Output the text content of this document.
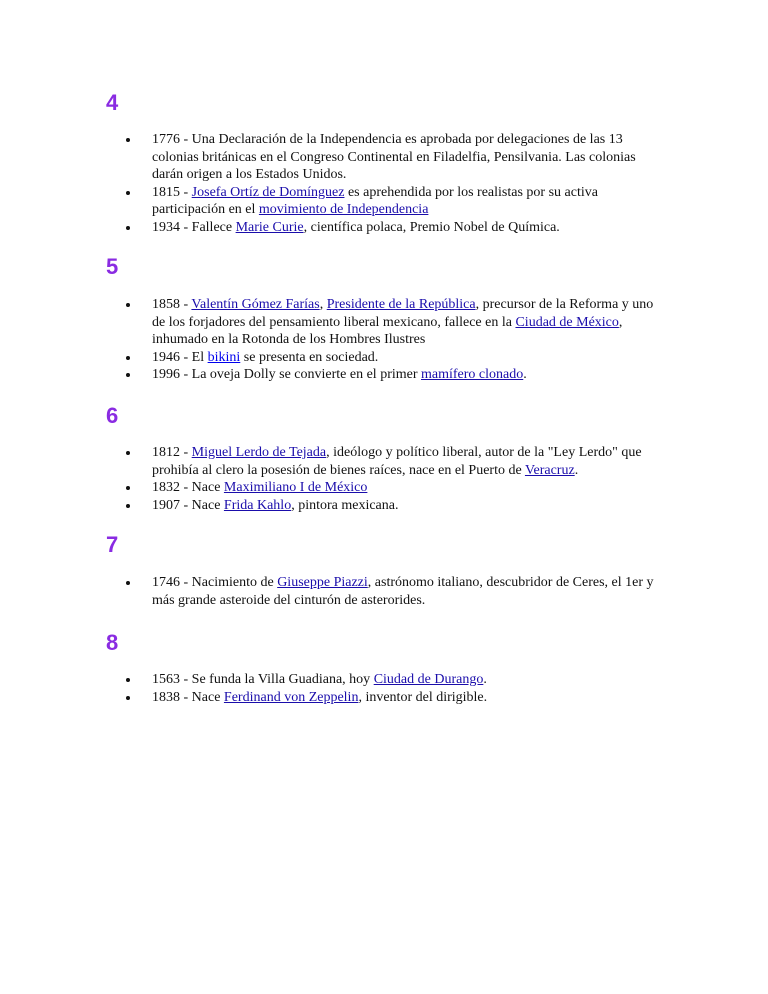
4
1776 - Una Declaración de la Independencia es aprobada por delegaciones de las 13 colonias británicas en el Congreso Continental en Filadelfia, Pensilvania. Las colonias darán origen a los Estados Unidos.
1815 - Josefa Ortíz de Domínguez es aprehendida por los realistas por su activa participación en el movimiento de Independencia
1934 - Fallece Marie Curie, científica polaca, Premio Nobel de Química.
5
1858 - Valentín Gómez Farías, Presidente de la República, precursor de la Reforma y uno de los forjadores del pensamiento liberal mexicano, fallece en la Ciudad de México, inhumado en la Rotonda de los Hombres Ilustres
1946 - El bikini se presenta en sociedad.
1996 - La oveja Dolly se convierte en el primer mamífero clonado.
6
1812 - Miguel Lerdo de Tejada, ideólogo y político liberal, autor de la "Ley Lerdo" que prohibía al clero la posesión de bienes raíces, nace en el Puerto de Veracruz.
1832 - Nace Maximiliano I de México
1907 - Nace Frida Kahlo, pintora mexicana.
7
1746 - Nacimiento de Giuseppe Piazzi, astrónomo italiano, descubridor de Ceres, el 1er y más grande asteroide del cinturón de asterorides.
8
1563 - Se funda la Villa Guadiana, hoy Ciudad de Durango.
1838 - Nace Ferdinand von Zeppelin, inventor del dirigible.
